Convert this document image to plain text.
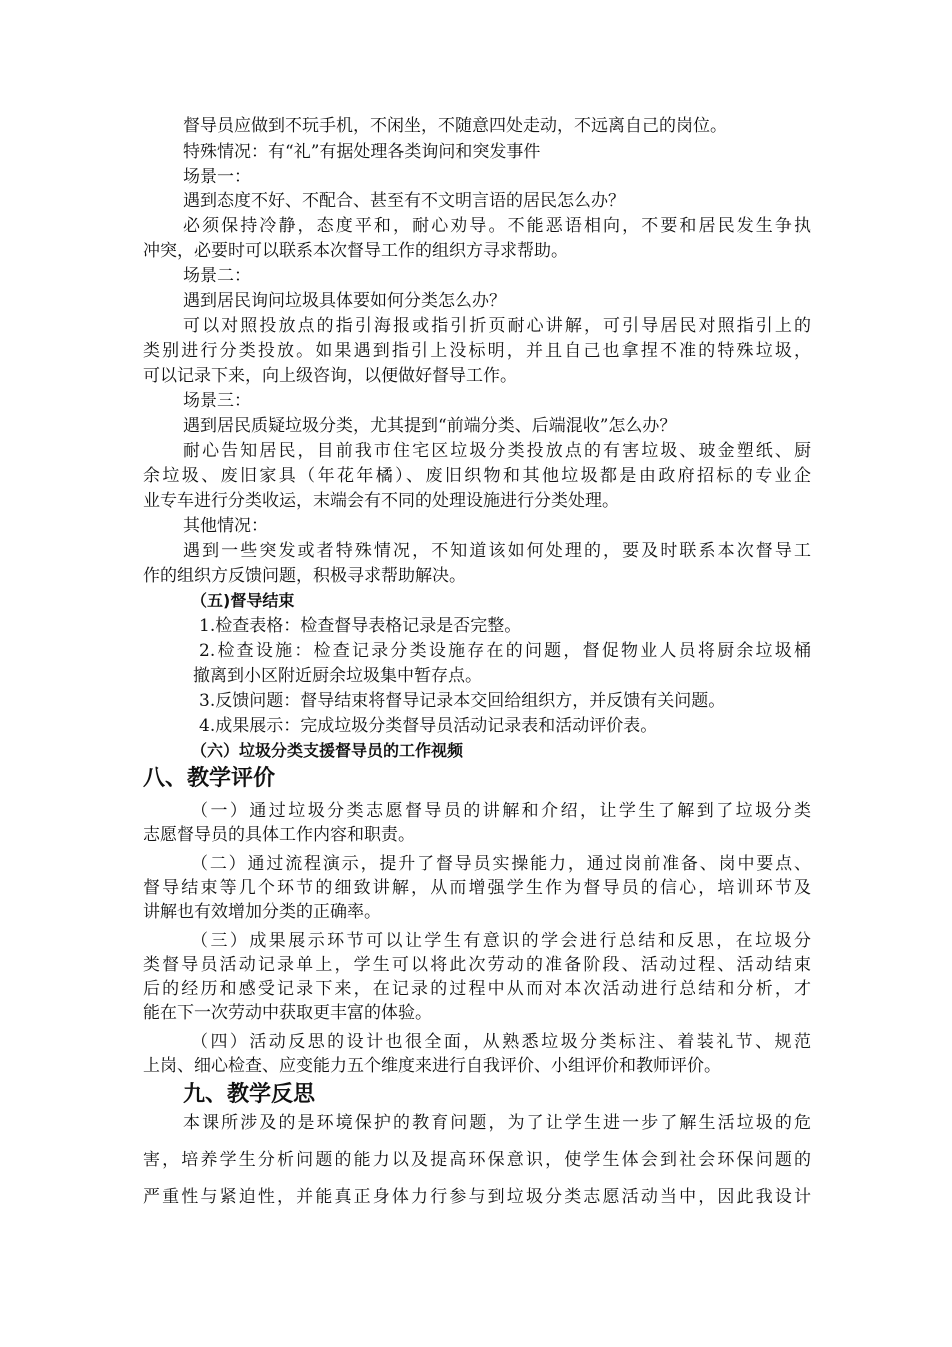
督导员应做到不玩手机，不闲坐，不随意四处走动，不远离自己的岗位。
特殊情况：有“礼”有据处理各类询问和突发事件
场景一：
遇到态度不好、不配合、甚至有不文明言语的居民怎么办？
必须保持冷静，态度平和，耐心劝导。不能恶语相向，不要和居民发生争执
冲突，必要时可以联系本次督导工作的组织方寻求帮助。
场景二：
遇到居民询问垃圾具体要如何分类怎么办？
可以对照投放点的指引海报或指引折页耐心讲解，可引导居民对照指引上的
类别进行分类投放。如果遇到指引上没标明，并且自己也拿捏不准的特殊垃圾，
可以记录下来，向上级咨询，以便做好督导工作。
场景三：
遇到居民质疑垃圾分类，尤其提到“前端分类、后端混收”怎么办？
耐心告知居民，目前我市住宅区垃圾分类投放点的有害垃圾、玻金塑纸、厨
余垃圾、废旧家具（年花年橘）、废旧织物和其他垃圾都是由政府招标的专业企
业专车进行分类收运，末端会有不同的处理设施进行分类处理。
其他情况：
遇到一些突发或者特殊情况，不知道该如何处理的，要及时联系本次督导工
作的组织方反馈问题，积极寻求帮助解决。
（五)督导结束
1.检查表格：检查督导表格记录是否完整。
2.检查设施：检查记录分类设施存在的问题，督促物业人员将厨余垃圾桶
撤离到小区附近厨余垃圾集中暂存点。
3.反馈问题：督导结束将督导记录本交回给组织方，并反馈有关问题。
4.成果展示：完成垃圾分类督导员活动记录表和活动评价表。
（六）垃圾分类支援督导员的工作视频
八、教学评价
（一）通过垃圾分类志愿督导员的讲解和介绍，让学生了解到了垃圾分类
志愿督导员的具体工作内容和职责。
（二）通过流程演示，提升了督导员实操能力，通过岗前准备、岗中要点、
督导结束等几个环节的细致讲解，从而增强学生作为督导员的信心，培训环节及
讲解也有效增加分类的正确率。
（三）成果展示环节可以让学生有意识的学会进行总结和反思，在垃圾分
类督导员活动记录单上，学生可以将此次劳动的准备阶段、活动过程、活动结束
后的经历和感受记录下来，在记录的过程中从而对本次活动进行总结和分析，才
能在下一次劳动中获取更丰富的体验。
（四）活动反思的设计也很全面，从熟悉垃圾分类标注、着装礼节、规范
上岗、细心检查、应变能力五个维度来进行自我评价、小组评价和教师评价。
九、教学反思
本课所涉及的是环境保护的教育问题，为了让学生进一步了解生活垃圾的危
害，培养学生分析问题的能力以及提高环保意识，使学生体会到社会环保问题的
严重性与紧迫性，并能真正身体力行参与到垃圾分类志愿活动当中，因此我设计
